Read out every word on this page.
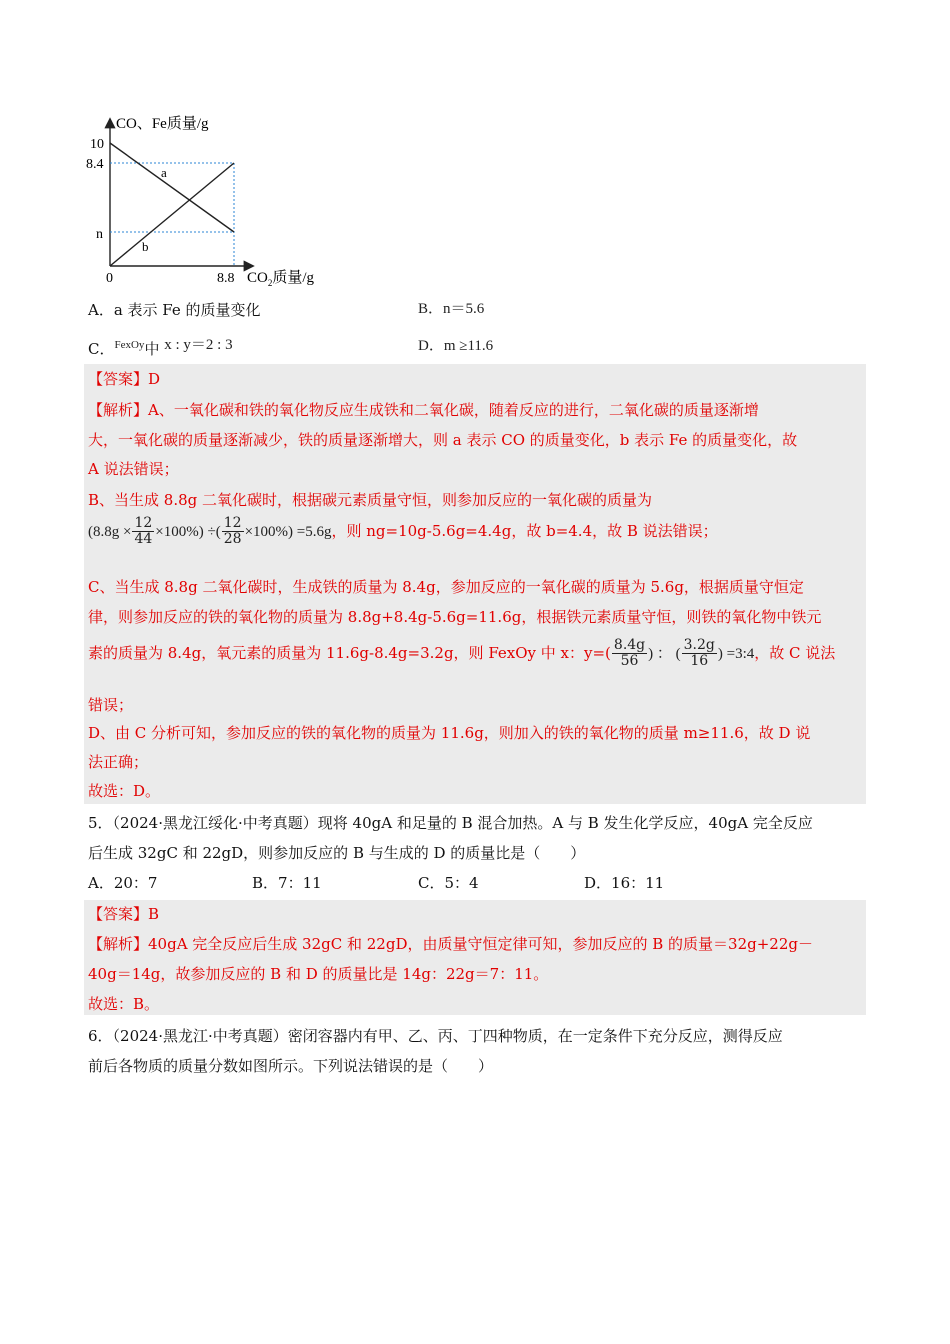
CO、Fe质量/g
10
8.4
n
0	8.8 $CO_2$质量/g
a
b
A．a 表示 Fe 的质量变化	B．n＝5.6
C．$^{FexOy}$中 x : y＝2 : 3	D．m ≥11.6
【答案】D
【解析】A、一氧化碳和铁的氧化物反应生成铁和二氧化碳，随着反应的进行，二氧化碳的质量逐渐增
大，一氧化碳的质量逐渐减少，铁的质量逐渐增大，则 a 表示 CO 的质量变化，b 表示 Fe 的质量变化，故
A 说法错误；
B、当生成 8.8g 二氧化碳时，根据碳元素质量守恒，则参加反应的一氧化碳的质量为
$(8.8g \times \frac{12}{44} \times 100\%)$ ÷( $\frac{12}{28} \times 100\%) =5.6g$，则 ng=10g-5.6g=4.4g，故 b=4.4，故 B 说法错误；
C、当生成 8.8g 二氧化碳时，生成铁的质量为 8.4g，参加反应的一氧化碳的质量为 5.6g，根据质量守恒定
律，则参加反应的铁的氧化物的质量为 8.8g+8.4g-5.6g=11.6g，根据铁元素质量守恒，则铁的氧化物中铁元
素的质量为 8.4g，氧元素的质量为 11.6g-8.4g=3.2g，则 FexOy 中 x：$y=( \frac{8.4g}{56}$ ) ： ( $\frac{3.2g}{16}$ ) =3:4，故 C 说法
错误；
D、由 C 分析可知，参加反应的铁的氧化物的质量为 11.6g，则加入的铁的氧化物的质量 m≥11.6，故 D 说
法正确；
故选：D。
5．（2024·黑龙江绥化·中考真题）现将 40gA 和足量的 B 混合加热。A 与 B 发生化学反应，40gA 完全反应
后生成 32gC 和 22gD，则参加反应的 B 与生成的 D 的质量比是（　　）
A．20：7	B．7：11	C．5：4	D．16：11
【答案】B
【解析】40gA 完全反应后生成 32gC 和 22gD，由质量守恒定律可知，参加反应的 B 的质量＝32g+22g－
40g＝14g，故参加反应的 B 和 D 的质量比是 14g：22g＝7：11。
故选：B。
6．（2024·黑龙江·中考真题）密闭容器内有甲、乙、丙、丁四种物质，在一定条件下充分反应，测得反应
前后各物质的质量分数如图所示。下列说法错误的是（　　）
